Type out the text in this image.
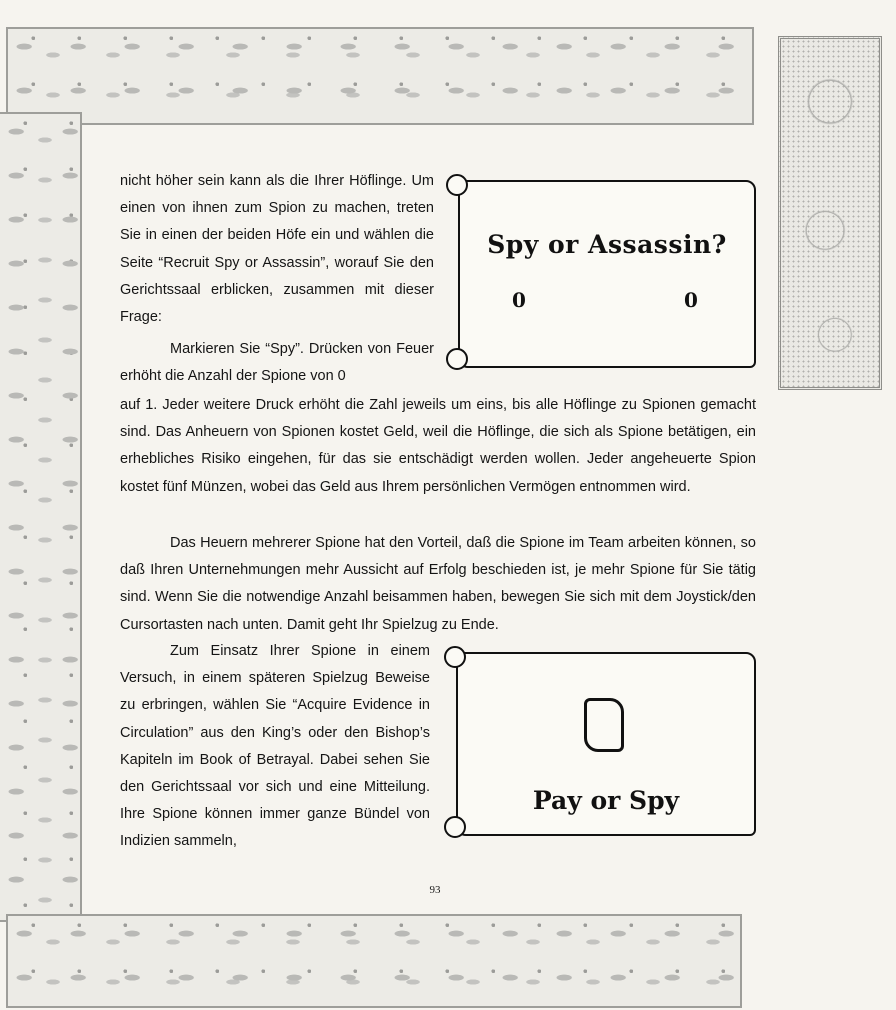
nicht höher sein kann als die Ihrer Höflinge. Um einen von ihnen zum Spion zu machen, treten Sie in einen der beiden Höfe ein und wählen die Seite “Recruit Spy or Assassin”, worauf Sie den Gerichtssaal erblicken, zusammen mit dieser Frage:

Markieren Sie “Spy”. Drücken von Feuer erhöht die Anzahl der Spione von 0

auf 1. Jeder weitere Druck erhöht die Zahl jeweils um eins, bis alle Höflinge zu Spionen gemacht sind. Das Anheuern von Spionen kostet Geld, weil die Höflinge, die sich als Spione betätigen, ein erhebliches Risiko eingehen, für das sie entschädigt werden wollen. Jeder angeheuerte Spion kostet fünf Münzen, wobei das Geld aus Ihrem persönlichen Vermögen entnommen wird.

Das Heuern mehrerer Spione hat den Vorteil, daß die Spione im Team arbeiten können, so daß Ihren Unternehmungen mehr Aussicht auf Erfolg beschieden ist, je mehr Spione für Sie tätig sind. Wenn Sie die notwendige Anzahl beisammen haben, bewegen Sie sich mit dem Joystick/den Cursortasten nach unten. Damit geht Ihr Spielzug zu Ende.

Zum Einsatz Ihrer Spione in einem Versuch, in einem späteren Spielzug Beweise zu erbringen, wählen Sie “Acquire Evidence in Circulation” aus den King’s oder den Bishop’s Kapiteln im Book of Betrayal. Dabei sehen Sie den Gerichtssaal vor sich und eine Mitteilung. Ihre Spione können immer ganze Bündel von Indizien sammeln,

Spy or Assassin?
0	0
Pay or Spy
93
